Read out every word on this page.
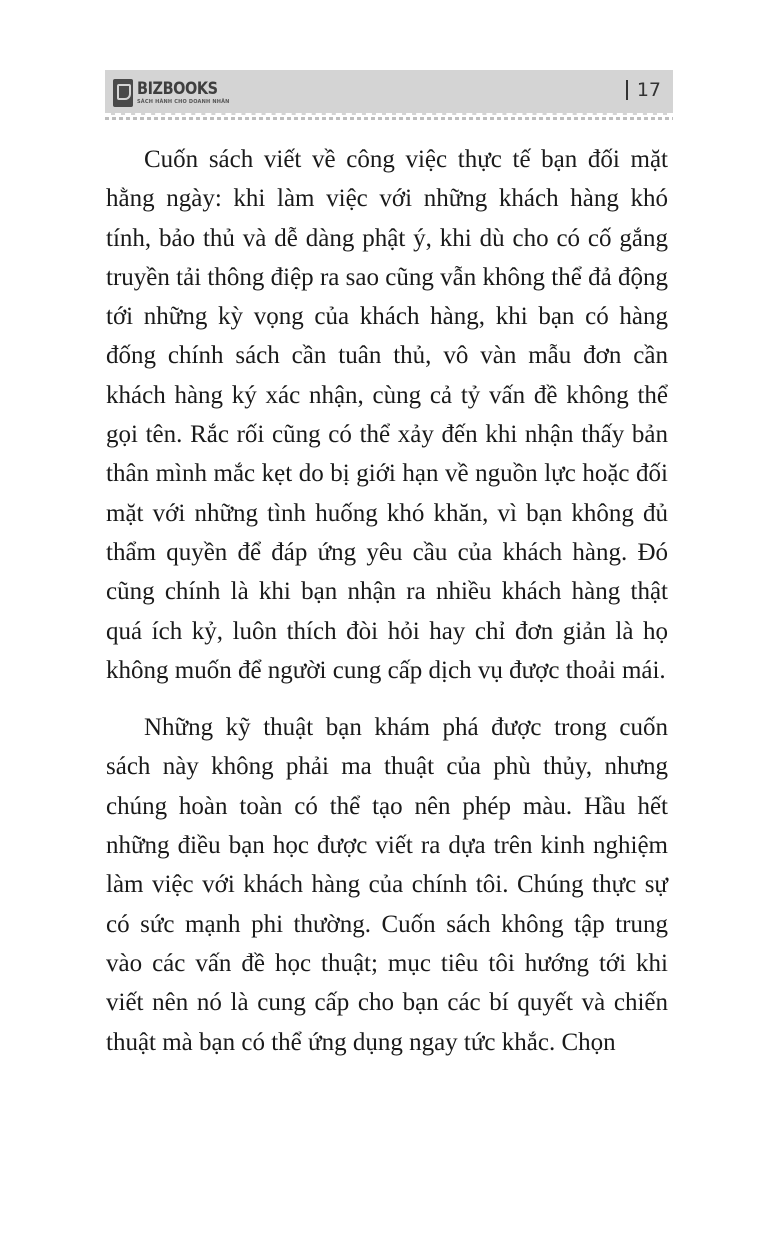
BIZBOOKS
SÁCH HÀNH CHO DOANH NHÂN
17

Cuốn sách viết về công việc thực tế bạn đối mặt hằng ngày: khi làm việc với những khách hàng khó tính, bảo thủ và dễ dàng phật ý, khi dù cho có cố gắng truyền tải thông điệp ra sao cũng vẫn không thể đả động tới những kỳ vọng của khách hàng, khi bạn có hàng đống chính sách cần tuân thủ, vô vàn mẫu đơn cần khách hàng ký xác nhận, cùng cả tỷ vấn đề không thể gọi tên. Rắc rối cũng có thể xảy đến khi nhận thấy bản thân mình mắc kẹt do bị giới hạn về nguồn lực hoặc đối mặt với những tình huống khó khăn, vì bạn không đủ thẩm quyền để đáp ứng yêu cầu của khách hàng. Đó cũng chính là khi bạn nhận ra nhiều khách hàng thật quá ích kỷ, luôn thích đòi hỏi hay chỉ đơn giản là họ không muốn để người cung cấp dịch vụ được thoải mái.

Những kỹ thuật bạn khám phá được trong cuốn sách này không phải ma thuật của phù thủy, nhưng chúng hoàn toàn có thể tạo nên phép màu. Hầu hết những điều bạn học được viết ra dựa trên kinh nghiệm làm việc với khách hàng của chính tôi. Chúng thực sự có sức mạnh phi thường. Cuốn sách không tập trung vào các vấn đề học thuật; mục tiêu tôi hướng tới khi viết nên nó là cung cấp cho bạn các bí quyết và chiến thuật mà bạn có thể ứng dụng ngay tức khắc. Chọn
